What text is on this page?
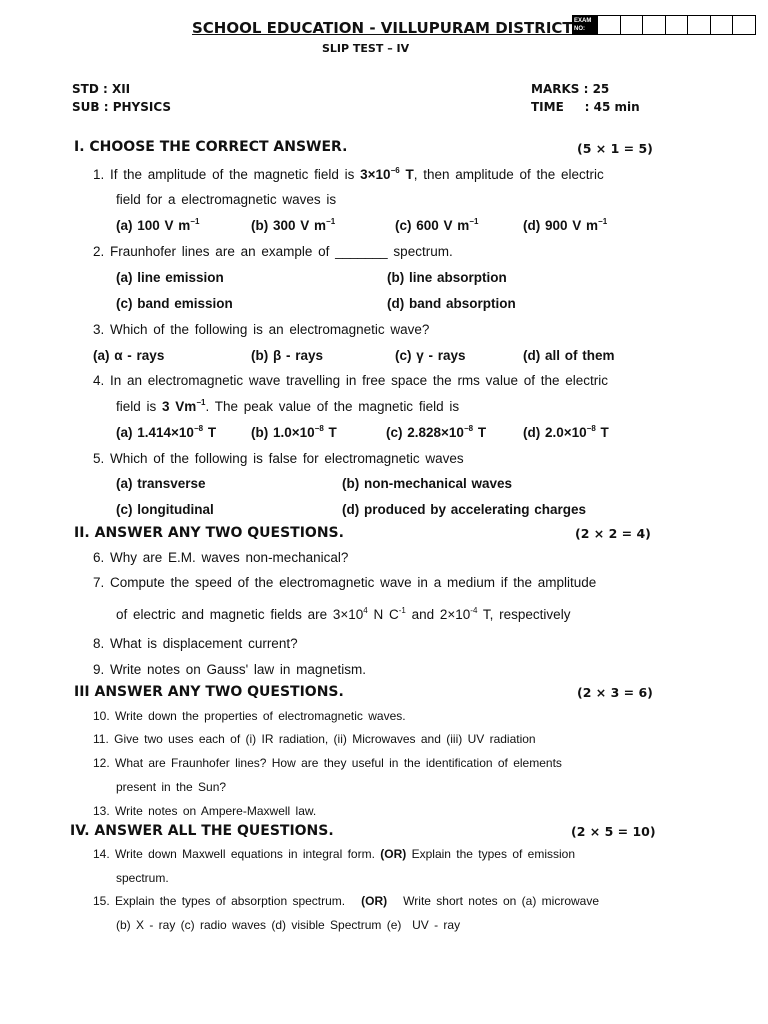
SCHOOL EDUCATION - VILLUPURAM DISTRICT
SLIP TEST – IV
EXAM
NO:
STD : XII
SUB : PHYSICS
MARKS : 25
TIME     : 45 min
I. CHOOSE THE CORRECT ANSWER.	(5 × 1 = 5)
1. If the amplitude of the magnetic field is $3\times 10^{-6}$ T, then amplitude of the electric
field for a electromagnetic waves is
(a) 100 V $m^{-1}$	(b) 300 V $m^{-1}$	(c) 600 V $m^{-1}$	(d) 900 V $m^{-1}$
2. Fraunhofer lines are an example of _______ spectrum.
(a) line emission	(b) line absorption
(c) band emission	(d) band absorption
3. Which of the following is an electromagnetic wave?
(a) α - rays	(b) β - rays	(c) γ - rays	(d) all of them
4. In an electromagnetic wave travelling in free space the rms value of the electric
field is 3 $Vm^{-1}$. The peak value of the magnetic field is
(a) $1.414\times 10^{-8}$ T	(b) $1.0\times 10^{-8}$ T	(c) $2.828\times 10^{-8}$ T	(d) $2.0\times 10^{-8}$ T
5. Which of the following is false for electromagnetic waves
(a) transverse	(b) non-mechanical waves
(c) longitudinal	(d) produced by accelerating charges
II. ANSWER ANY TWO QUESTIONS.	(2 × 2 = 4)
6. Why are E.M. waves non-mechanical?
7. Compute the speed of the electromagnetic wave in a medium if the amplitude
of electric and magnetic fields are $3\times 10^4$ N $C^{-1}$ and $2\times 10^{-4}$ T, respectively
8. What is displacement current?
9. Write notes on Gauss' law in magnetism.
III ANSWER ANY TWO QUESTIONS.	(2 × 3 = 6)
10. Write down the properties of electromagnetic waves.
11. Give two uses each of (i) IR radiation, (ii) Microwaves and (iii) UV radiation
12. What are Fraunhofer lines? How are they useful in the identification of elements
present in the Sun?
13. Write notes on Ampere-Maxwell law.
IV. ANSWER ALL THE QUESTIONS.	(2 × 5 = 10)
14. Write down Maxwell equations in integral form. (OR) Explain the types of emission
spectrum.
15. Explain the types of absorption spectrum. (OR) Write short notes on (a) microwave
(b) X - ray (c) radio waves (d) visible Spectrum (e)  UV - ray
